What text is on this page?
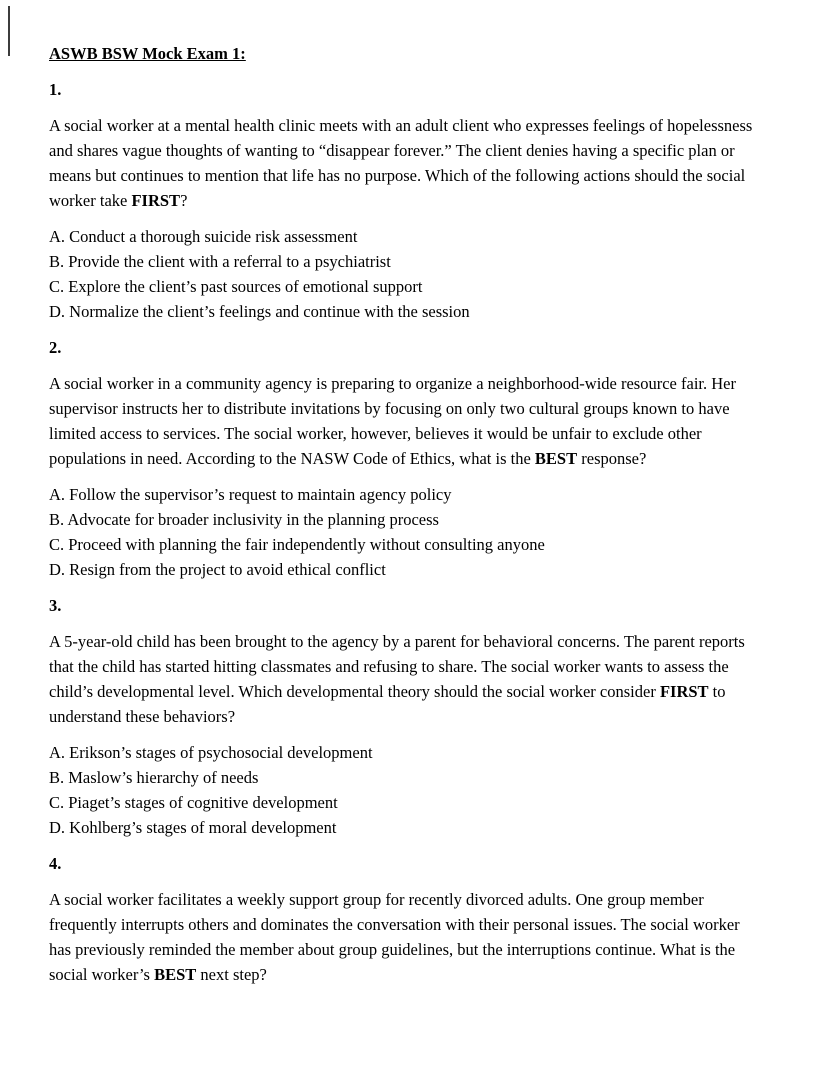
ASWB BSW Mock Exam 1:

1.

A social worker at a mental health clinic meets with an adult client who expresses feelings of hopelessness and shares vague thoughts of wanting to “disappear forever.” The client denies having a specific plan or means but continues to mention that life has no purpose. Which of the following actions should the social worker take FIRST?

A. Conduct a thorough suicide risk assessment

B. Provide the client with a referral to a psychiatrist

C. Explore the client’s past sources of emotional support

D. Normalize the client’s feelings and continue with the session

2.

A social worker in a community agency is preparing to organize a neighborhood-wide resource fair. Her supervisor instructs her to distribute invitations by focusing on only two cultural groups known to have limited access to services. The social worker, however, believes it would be unfair to exclude other populations in need. According to the NASW Code of Ethics, what is the BEST response?

A. Follow the supervisor’s request to maintain agency policy

B. Advocate for broader inclusivity in the planning process

C. Proceed with planning the fair independently without consulting anyone

D. Resign from the project to avoid ethical conflict

3.

A 5-year-old child has been brought to the agency by a parent for behavioral concerns. The parent reports that the child has started hitting classmates and refusing to share. The social worker wants to assess the child’s developmental level. Which developmental theory should the social worker consider FIRST to understand these behaviors?

A. Erikson’s stages of psychosocial development

B. Maslow’s hierarchy of needs

C. Piaget’s stages of cognitive development

D. Kohlberg’s stages of moral development

4.

A social worker facilitates a weekly support group for recently divorced adults. One group member frequently interrupts others and dominates the conversation with their personal issues. The social worker has previously reminded the member about group guidelines, but the interruptions continue. What is the social worker’s BEST next step?
